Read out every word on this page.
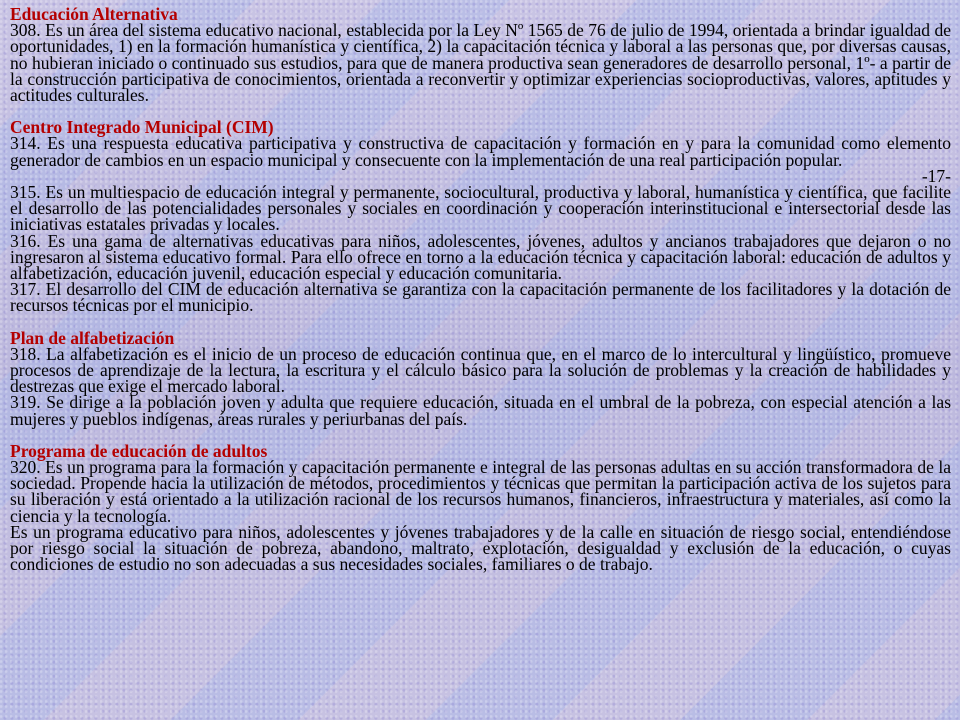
Educación Alternativa

308. Es un área del sistema educativo nacional, establecida por la Ley Nº 1565 de 76 de julio de 1994, orientada a brindar igualdad de oportunidades, 1) en la formación humanística y científica, 2) la capacitación técnica y laboral a las personas que, por diversas causas, no hubieran iniciado o continuado sus estudios, para que de manera productiva sean generadores de desarrollo personal, 1º- a partir de la construcción participativa de conocimientos, orientada a reconvertir y optimizar experiencias socioproductivas, valores, aptitudes y actitudes culturales.

Centro Integrado Municipal (CIM)

314. Es una respuesta educativa participativa y constructiva de capacitación y formación en y para la comunidad como elemento generador de cambios en un espacio municipal y consecuente con la implementación de una real participación popular.

-17-

315. Es un multiespacio de educación integral y permanente, sociocultural, productiva y laboral, humanística y científica, que facilite el desarrollo de las potencialidades personales y sociales en coordinación y cooperación interinstitucional e intersectorial desde las iniciativas estatales privadas y locales.

316. Es una gama de alternativas educativas para niños, adolescentes, jóvenes, adultos y ancianos trabajadores que dejaron o no ingresaron al sistema educativo formal. Para ello ofrece en torno a la educación técnica y capacitación laboral: educación de adultos y alfabetización, educación juvenil, educación especial y educación comunitaria.

317. El desarrollo del CIM de educación alternativa se garantiza con la capacitación permanente de los facilitadores y la dotación de recursos técnicas por el municipio.

Plan de alfabetización

318. La alfabetización es el inicio de un proceso de educación continua que, en el marco de lo intercultural y lingüístico, promueve procesos de aprendizaje de la lectura, la escritura y el cálculo básico para la solución de problemas y la creación de habilidades y destrezas que exige el mercado laboral.

319. Se dirige a la población joven y adulta que requiere educación, situada en el umbral de la pobreza, con especial atención a las mujeres y pueblos indígenas, áreas rurales y periurbanas del país.

Programa de educación de adultos

320. Es un programa para la formación y capacitación permanente e integral de las personas adultas en su acción transformadora de la sociedad. Propende hacia la utilización de métodos, procedimientos y técnicas que permitan la participación activa de los sujetos para su liberación y está orientado a la utilización racional de los recursos humanos, financieros, infraestructura y materiales, así como la ciencia y la tecnología.

Es un programa educativo para niños, adolescentes y jóvenes trabajadores y de la calle en situación de riesgo social, entendiéndose por riesgo social la situación de pobreza, abandono, maltrato, explotación, desigualdad y exclusión de la educación, o cuyas condiciones de estudio no son adecuadas a sus necesidades sociales, familiares o de trabajo.
